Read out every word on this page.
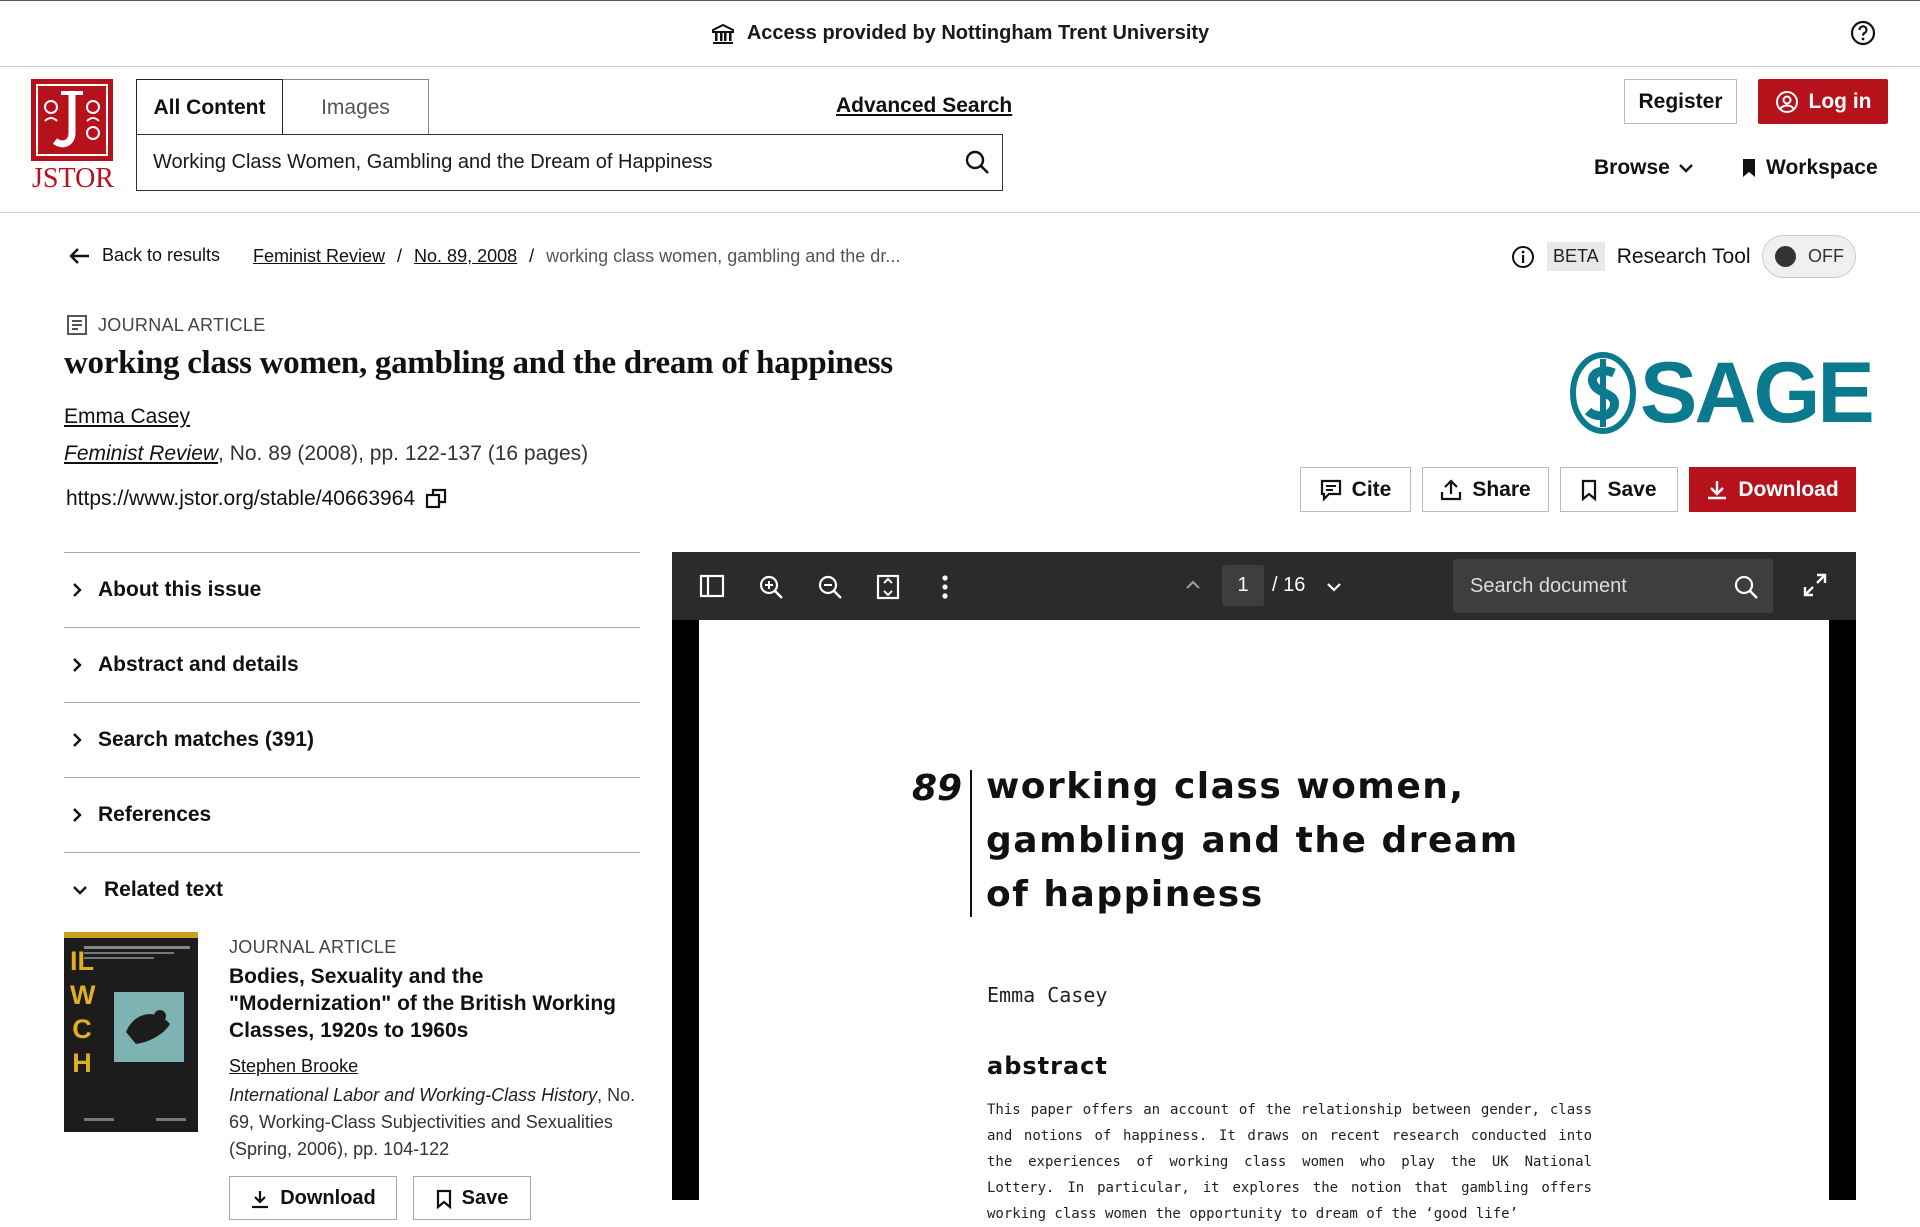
Access provided by Nottingham Trent University
JSTOR
All Content	Images	Advanced Search
Working Class Women, Gambling and the Dream of Happiness
Register	Log in
Browse	Workspace
Back to results Feminist Review / No. 89, 2008 / working class women, gambling and the dr...	BETA Research Tool	OFF
JOURNAL ARTICLE
working class women, gambling and the dream of happiness
Emma Casey
Feminist Review, No. 89 (2008), pp. 122-137 (16 pages)
https://www.jstor.org/stable/40663964
SAGE
Cite	Share	Save	Download
About this issue
Abstract and details
Search matches (391)
References
Related text
ILWCH
JOURNAL ARTICLE
Bodies, Sexuality and the "Modernization" of the British Working Classes, 1920s to 1960s
Stephen Brooke
International Labor and Working-Class History, No. 69, Working-Class Subjectivities and Sexualities (Spring, 2006), pp. 104-122
Download	Save
1	/ 16	Search document
89 working class women, gambling and the dream of happiness
Emma Casey
abstract
This paper offers an account of the relationship between gender, class and notions of happiness. It draws on recent research conducted into the experiences of working class women who play the UK National Lottery. In particular, it explores the notion that gambling offers working class women the opportunity to dream of the ‘good life’
